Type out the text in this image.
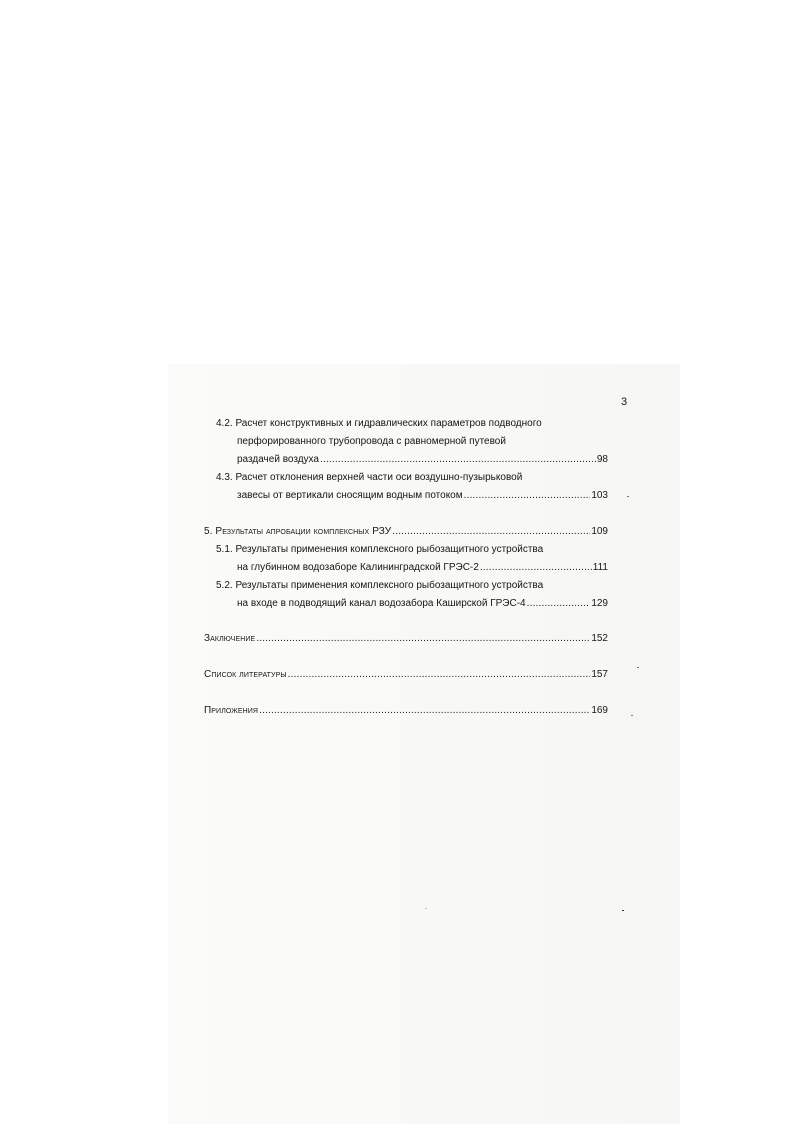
3
4.2. Расчет конструктивных и гидравлических параметров подводного
перфорированного трубопровода с равномерной путевой
раздачей воздуха .....	98
4.3. Расчет отклонения верхней части оси воздушно-пузырьковой
завесы от вертикали сносящим водным потоком .....	103
5. Результаты апробации комплексных РЗУ .....	109
5.1. Результаты применения комплексного рыбозащитного устройства
на глубинном водозаборе Калининградской ГРЭС-2 .....	111
5.2. Результаты применения комплексного рыбозащитного устройства
на входе в подводящий канал водозабора Каширской ГРЭС-4 .....	129
Заключение .....	152
Список литературы .....	157
Приложения .....	169
